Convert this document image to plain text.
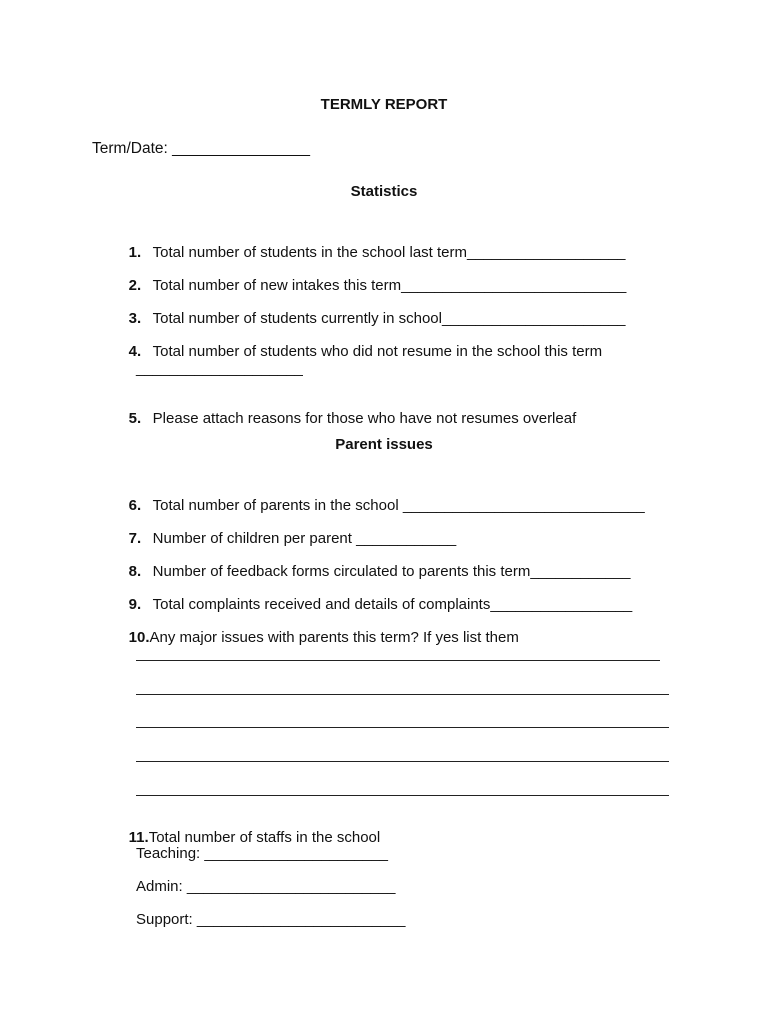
TERMLY REPORT
Term/Date: ________________
Statistics

1. Total number of students in the school last term___________________

2. Total number of new intakes this term___________________________

3. Total number of students currently in school______________________

4. Total number of students who did not resume in the school this term

____________________

5. Please attach reasons for those who have not resumes overleaf

Parent issues

6. Total number of parents in the school _____________________________

7. Number of children per parent ____________

8. Number of feedback forms circulated to parents this term____________

9. Total complaints received and details of complaints_________________

10.Any major issues with parents this term? If yes list them

11.Total number of staffs in the school

Teaching: ______________________
Admin: _________________________
Support: _________________________
